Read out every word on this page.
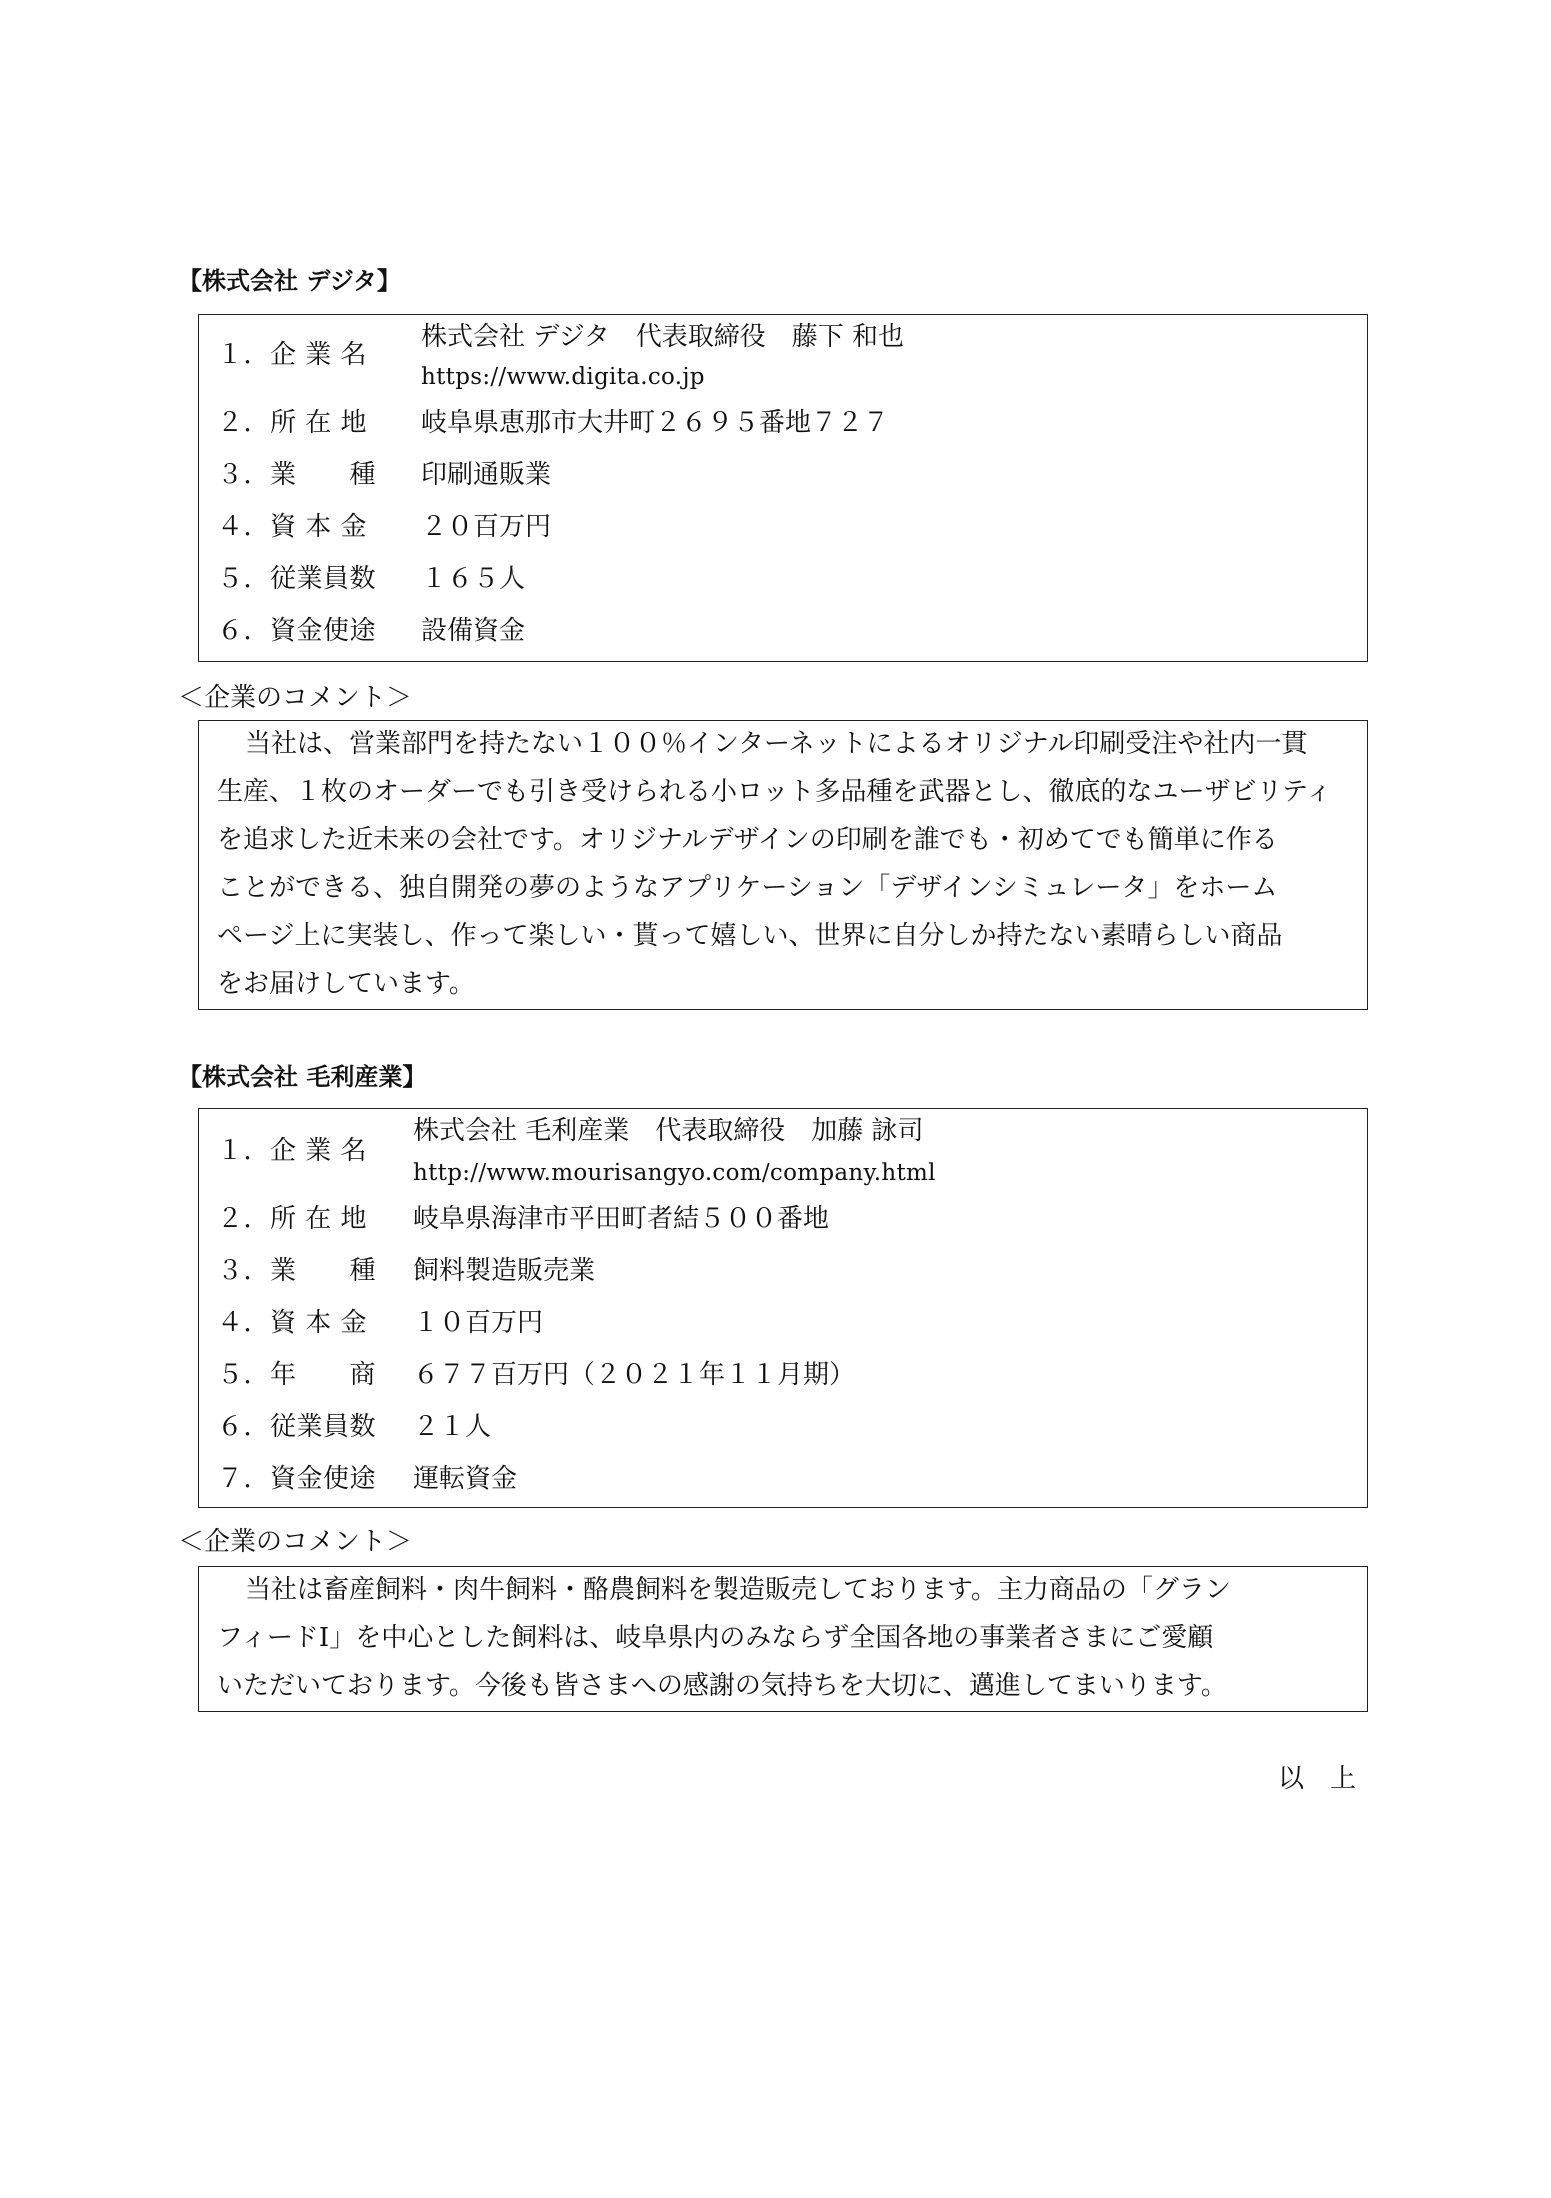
【株式会社 デジタ】
１．企 業 名
株式会社 デジタ　代表取締役　藤下 和也
https://www.digita.co.jp
２．所 在 地 岐阜県恵那市大井町２６９５番地７２７
３．業　　種 印刷通販業
４．資 本 金 ２０百万円
５．従業員数 １６５人
６．資金使途 設備資金
＜企業のコメント＞
当社は、営業部門を持たない１００％インターネットによるオリジナル印刷受注や社内一貫
生産、１枚のオーダーでも引き受けられる小ロット多品種を武器とし、徹底的なユーザビリティ
を追求した近未来の会社です。オリジナルデザインの印刷を誰でも・初めてでも簡単に作る
ことができる、独自開発の夢のようなアプリケーション「デザインシミュレータ」をホーム
ページ上に実装し、作って楽しい・貰って嬉しい、世界に自分しか持たない素晴らしい商品
をお届けしています。
【株式会社 毛利産業】
１．企 業 名
株式会社 毛利産業　代表取締役　加藤 詠司
http://www.mourisangyo.com/company.html
２．所 在 地 岐阜県海津市平田町者結５００番地
３．業　　種 飼料製造販売業
４．資 本 金 １０百万円
５．年　　商 ６７７百万円（２０２１年１１月期）
６．従業員数 ２１人
７．資金使途 運転資金
＜企業のコメント＞
当社は畜産飼料・肉牛飼料・酪農飼料を製造販売しております。主力商品の「グラン
フィードⅠ」を中心とした飼料は、岐阜県内のみならず全国各地の事業者さまにご愛顧
いただいております。今後も皆さまへの感謝の気持ちを大切に、邁進してまいります。
以　上
